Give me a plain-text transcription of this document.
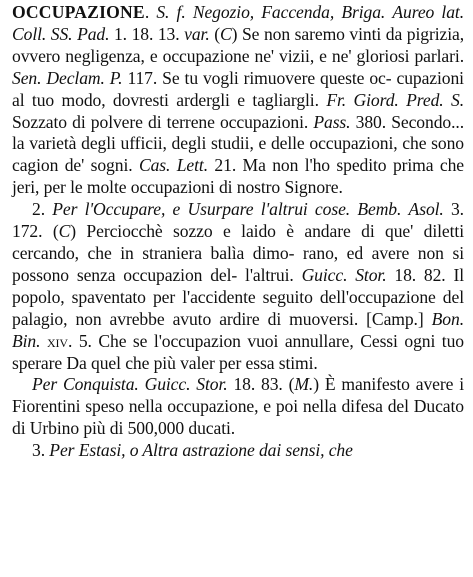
OCCUPAZIONE. S. f. Negozio, Faccenda, Briga. Aureo lat. Coll. SS. Pad. 1. 18. 13. var. (C) Se non saremo vinti da pigrizia, ovvero negligenza, e occupazione ne' vizii, e ne' gloriosi parlari. Sen. Declam. P. 117. Se tu vogli rimuovere queste oc- cupazioni al tuo modo, dovresti ardergli e tagliargli. Fr. Giord. Pred. S. Sozzato di polvere di terrene occupazioni. Pass. 380. Secondo... la varietà degli ufficii, degli studii, e delle occupazioni, che sono cagion de' sogni. Cas. Lett. 21. Ma non l'ho spedito prima che jeri, per le molte occupazioni di nostro Signore.

2. Per l'Occupare, e Usurpare l'altrui cose. Bemb. Asol. 3. 172. (C) Perciocchè sozzo e laido è andare di que' diletti cercando, che in straniera balìa dimo- rano, ed avere non si possono senza occupazion del- l'altrui. Guicc. Stor. 18. 82. Il popolo, spaventato per l'accidente seguito dell'occupazione del palagio, non avrebbe avuto ardire di muoversi. [Camp.] Bon. Bin. xiv. 5. Che se l'occupazion vuoi annullare, Cessi ogni tuo sperare Da quel che più valer per essa stimi.

Per Conquista. Guicc. Stor. 18. 83. (M.) È manifesto avere i Fiorentini speso nella occupazione, e poi nella difesa del Ducato di Urbino più di 500,000 ducati.

3. Per Estasi, o Altra astrazione dai sensi, che
